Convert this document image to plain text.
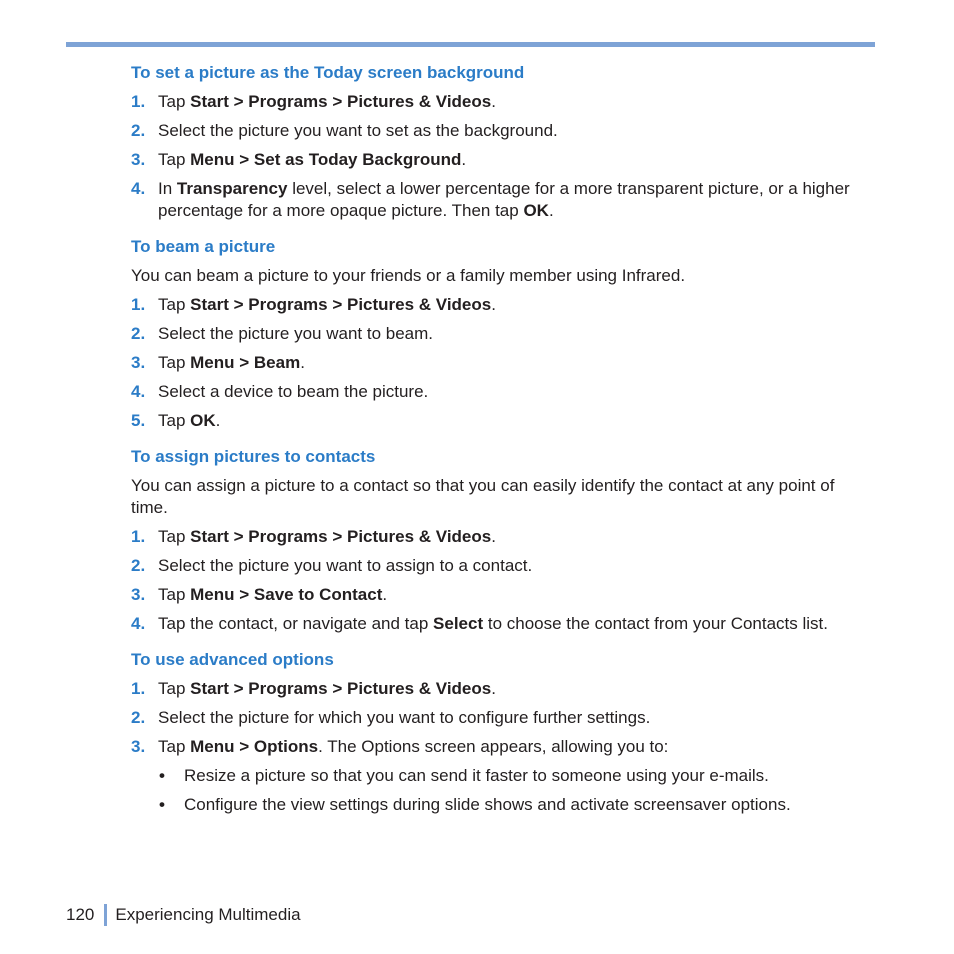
To set a picture as the Today screen background
1. Tap Start > Programs > Pictures & Videos.
2. Select the picture you want to set as the background.
3. Tap Menu > Set as Today Background.
4. In Transparency level, select a lower percentage for a more transparent picture, or a higher percentage for a more opaque picture. Then tap OK.
To beam a picture

You can beam a picture to your friends or a family member using Infrared.

1. Tap Start > Programs > Pictures & Videos.
2. Select the picture you want to beam.
3. Tap Menu > Beam.
4. Select a device to beam the picture.
5. Tap OK.
To assign pictures to contacts

You can assign a picture to a contact so that you can easily identify the contact at any point of time.

1. Tap Start > Programs > Pictures & Videos.
2. Select the picture you want to assign to a contact.
3. Tap Menu > Save to Contact.
4. Tap the contact, or navigate and tap Select to choose the contact from your Contacts list.
To use advanced options
1. Tap Start > Programs > Pictures & Videos.
2. Select the picture for which you want to configure further settings.
3. Tap Menu > Options. The Options screen appears, allowing you to:
• Resize a picture so that you can send it faster to someone using your e-mails.
• Configure the view settings during slide shows and activate screensaver options.
120 Experiencing Multimedia
